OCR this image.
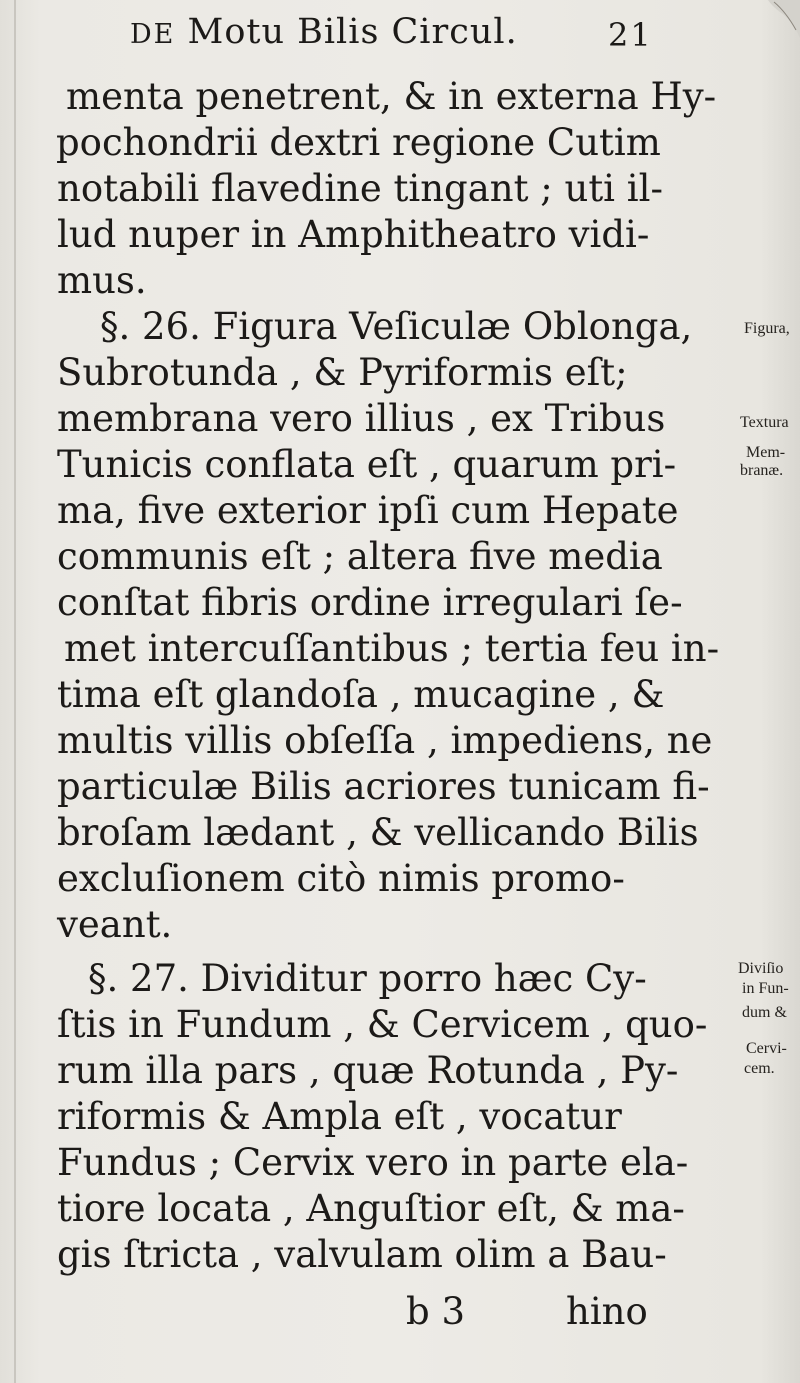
DE Motu Bilis Circul.	21
menta penetrent, & in externa Hy-
pochondrii dextri regione Cutim
notabili flavedine tingant ; uti il-
lud nuper in Amphitheatro vidi-
mus.
§. 26. Figura Veſiculæ Oblonga,	Figura,
Subrotunda , & Pyriformis eſt;
membrana vero illius , ex Tribus	Textura
Tunicis conflata eſt , quarum pri-	Mem-
branæ.
ma, five exterior ipſi cum Hepate
communis eſt ; altera five media
conſtat fibris ordine irregulari ſe-
met intercuſſantibus ; tertia feu in-
tima eſt glandoſa , mucagine , &
multis villis obſeſſa , impediens, ne
particulæ Bilis acriores tunicam fi-
broſam lædant , & vellicando Bilis
excluſionem citò nimis promo-
veant.
§. 27. Dividitur porro hæc Cy-	Diviſio
in Fun-
ſtis in Fundum , & Cervicem , quo- dum &
rum illa pars , quæ Rotunda , Py-
Cervi-
cem.
riformis & Ampla eſt , vocatur
Fundus ; Cervix vero in parte ela-
tiore locata , Anguſtior eſt, & ma-
gis ſtricta , valvulam olim a Bau-
b 3	hino
